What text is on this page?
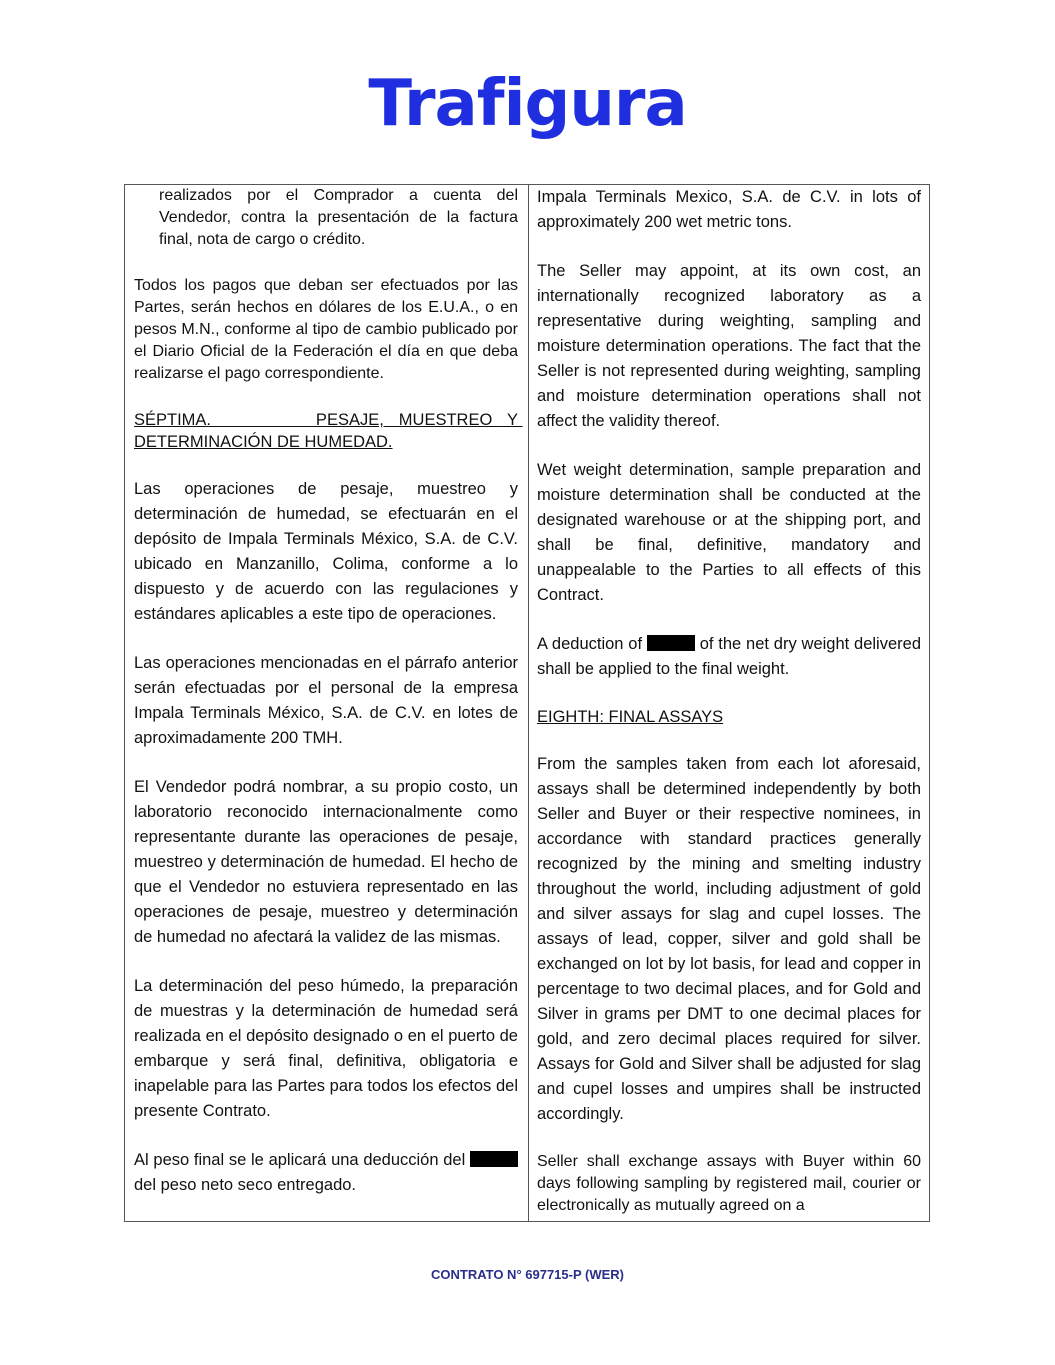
Trafigura

realizados por el Comprador a cuenta del Vendedor, contra la presentación de la factura final, nota de cargo o crédito.

Todos los pagos que deban ser efectuados por las Partes, serán hechos en dólares de los E.U.A., o en pesos M.N., conforme al tipo de cambio publicado por el Diario Oficial de la Federación el día en que deba realizarse el pago correspondiente.

SÉPTIMA.       PESAJE, MUESTREO Y DETERMINACIÓN DE HUMEDAD.

Las operaciones de pesaje, muestreo y determinación de humedad, se efectuarán en el depósito de Impala Terminals México, S.A. de C.V. ubicado en Manzanillo, Colima, conforme a lo dispuesto y de acuerdo con las regulaciones y estándares aplicables a este tipo de operaciones.

Las operaciones mencionadas en el párrafo anterior serán efectuadas por el personal de la empresa Impala Terminals México, S.A. de C.V. en lotes de aproximadamente 200 TMH.

El Vendedor podrá nombrar, a su propio costo, un laboratorio reconocido internacionalmente como representante durante las operaciones de pesaje, muestreo y determinación de humedad. El hecho de que el Vendedor no estuviera representado en las operaciones de pesaje, muestreo y determinación de humedad no afectará la validez de las mismas.

La determinación del peso húmedo, la preparación de muestras y la determinación de humedad será realizada en el depósito designado o en el puerto de embarque y será final, definitiva, obligatoria e inapelable para las Partes para todos los efectos del presente Contrato.

Al peso final se le aplicará una deducción del  del peso neto seco entregado.

Impala Terminals Mexico, S.A. de C.V. in lots of approximately 200 wet metric tons.

The Seller may appoint, at its own cost, an internationally recognized laboratory as a representative during weighting, sampling and moisture determination operations. The fact that the Seller is not represented during weighting, sampling and moisture determination operations shall not affect the validity thereof.

Wet weight determination, sample preparation and moisture determination shall be conducted at the designated warehouse or at the shipping port, and shall be final, definitive, mandatory and unappealable to the Parties to all effects of this Contract.

A deduction of	of the net dry weight delivered shall be applied to the final weight.

EIGHTH: FINAL ASSAYS

From the samples taken from each lot aforesaid, assays shall be determined independently by both Seller and Buyer or their respective nominees, in accordance with standard practices generally recognized by the mining and smelting industry throughout the world, including adjustment of gold and silver assays for slag and cupel losses. The assays of lead, copper, silver and gold shall be exchanged on lot by lot basis, for lead and copper in percentage to two decimal places, and for Gold and Silver in grams per DMT to one decimal places for gold, and zero decimal places required for silver. Assays for Gold and Silver shall be adjusted for slag and cupel losses and umpires shall be instructed accordingly.

Seller shall exchange assays with Buyer within 60 days following sampling by registered mail, courier or electronically as mutually agreed on a

CONTRATO N° 697715-P (WER)
